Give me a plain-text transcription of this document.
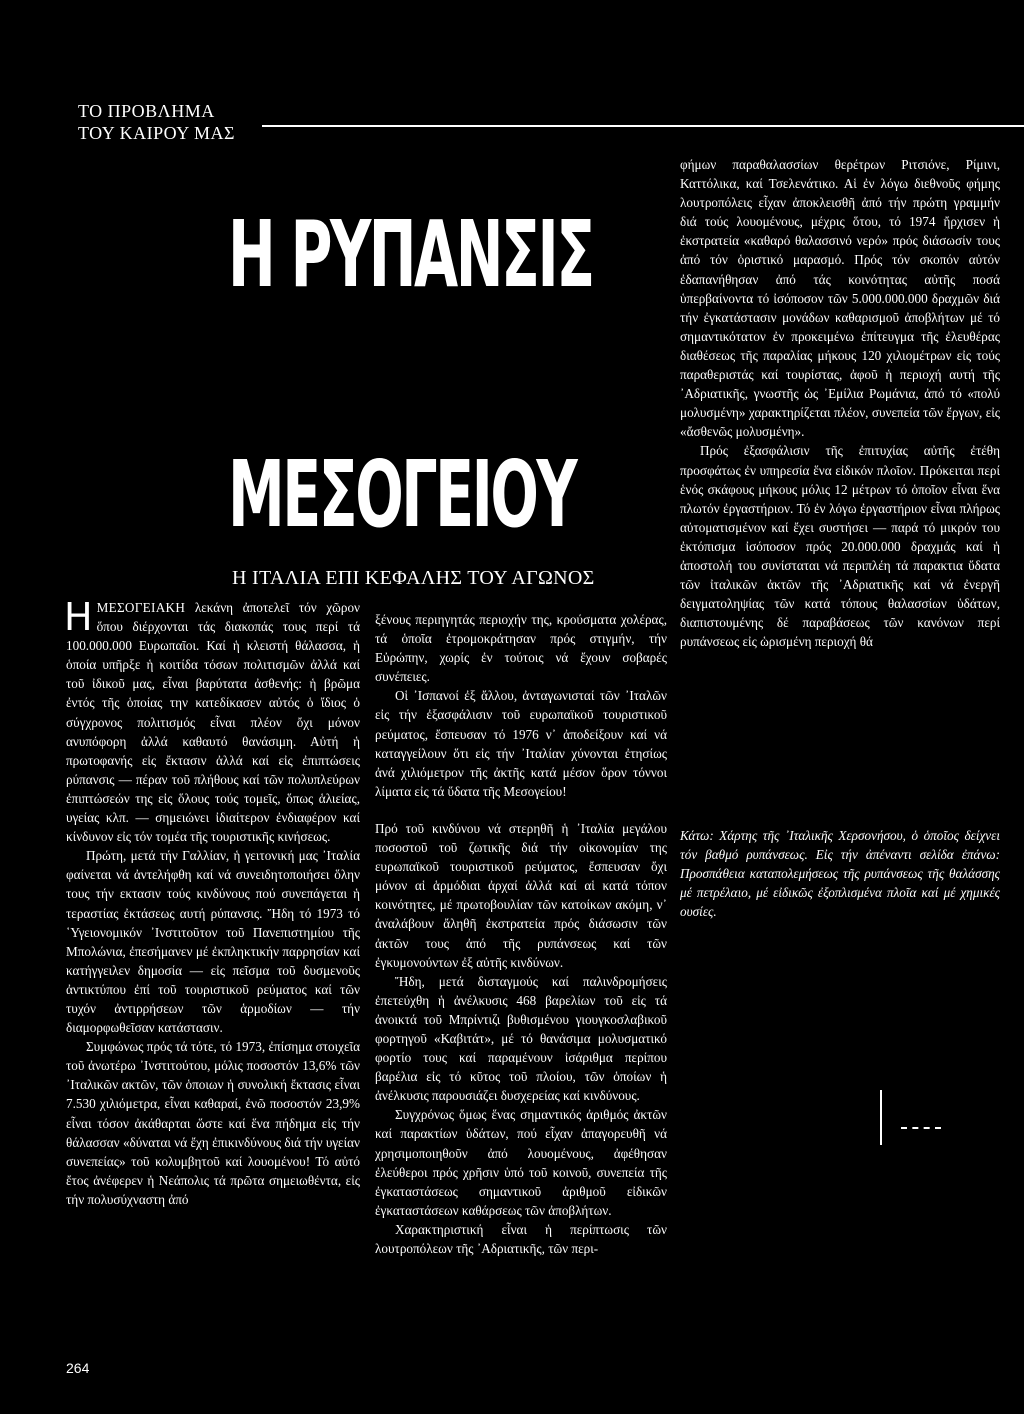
ΤΟ ΠΡΟΒΛΗΜΑ
ΤΟΥ ΚΑΙΡΟΥ ΜΑΣ
Η ΡΥΠΑΝΣΙΣ
ΜΕΣΟΓΕΙΟΥ
Η ΙΤΑΛΙΑ ΕΠΙ ΚΕΦΑΛΗΣ ΤΟΥ ΑΓΩΝΟΣ

ΗΜΕΣΟΓΕΙΑΚΗ λεκάνη ἀποτελεῖ τόν χῶρον ὅπου διέρχονται τάς διακοπάς τους περί τά 100.000.000 Ευρωπαῖοι. Καί ἡ κλειστή θάλασσα, ἡ ὁποία υπῆρξε ἡ κοιτίδα τόσων πολιτισμῶν ἀλλά καί τοῦ ἰδικοῦ μας, εἶναι βαρύτατα ἀσθενής: ἡ βρῶμα ἐντός τῆς ὁποίας την κατεδίκασεν αὐτός ὁ ἴδιος ὁ σύγχρονος πολιτισμός εἶναι πλέον ὄχι μόνον ανυπόφορη ἀλλά καθαυτό θανάσιμη. Αὐτή ἡ πρωτοφανής εἰς ἔκτασιν ἀλλά καί εἰς ἐπιπτώσεις ρύπανσις — πέραν τοῦ πλήθους καί τῶν πολυπλεύρων ἐπιπτώσεών της εἰς ὅλους τούς τομεῖς, ὅπως ἁλιείας, υγείας κλπ. — σημειώνει ἰδιαίτερον ἐνδιαφέρον καί κίνδυνον εἰς τόν τομέα τῆς τουριστικῆς κινήσεως.

Πρώτη, μετά τήν Γαλλίαν, ἡ γειτονική μας ᾿Ιταλία φαίνεται νά ἀντελήφθη καί νά συνειδητοποιήσει ὅλην τους τήν εκτασιν τούς κινδύνους πού συνεπάγεται ἡ τεραστίας ἐκτάσεως αυτή ρύπανσις. Ἤδη τό 1973 τό ῾Υγειονομικόν ᾿Ινστιτοῦτον τοῦ Πανεπιστημίου τῆς Μπολώνια, ἐπεσήμανεν μέ ἐκπληκτικήν παρρησίαν καί κατήγγειλεν δημοσία — εἰς πεῖσμα τοῦ δυσμενοῦς ἀντικτύπου ἐπί τοῦ τουριστικοῦ ρεύματος καί τῶν τυχόν ἀντιρρήσεων τῶν ἁρμοδίων — τήν διαμορφωθεῖσαν κατάστασιν.

Συμφώνως πρός τά τότε, τό 1973, ἐπίσημα στοιχεῖα τοῦ ἀνωτέρω ᾿Ινστιτούτου, μόλις ποσοστόν 13,6% τῶν ᾿Ιταλικῶν ακτῶν, τῶν ὁποιων ἡ συνολική ἔκτασις εἶναι 7.530 χιλιόμετρα, εἶναι καθαραί, ἐνῶ ποσοστόν 23,9% εἶναι τόσον ἀκάθαρται ὥστε καί ἕνα πήδημα εἰς τήν θάλασσαν «δύναται νά ἔχη ἐπικινδύνους διά τήν υγείαν συνεπείας» τοῦ κολυμβητοῦ καί λουομένου! Τό αὐτό ἔτος ἀνέφερεν ἡ Νεάπολις τά πρῶτα σημειωθέντα, εἰς τήν πολυσύχναστη ἀπό

ξένους περιηγητάς περιοχήν της, κρούσματα χολέρας, τά ὁποῖα ἐτρομοκράτησαν πρός στιγμήν, τήν Εὐρώπην, χωρίς ἐν τούτοις νά ἔχουν σοβαρές συνέπειες.

Οἱ ᾿Ισπανοί ἐξ ἄλλου, ἀνταγωνισταί τῶν ᾿Ιταλῶν εἰς τήν ἐξασφάλισιν τοῦ ευρωπαϊκοῦ τουριστικοῦ ρεύματος, ἔσπευσαν τό 1976 ν᾿ ἀποδείξουν καί νά καταγγείλουν ὅτι εἰς τήν ᾿Ιταλίαν χύνονται ἐτησίως ἀνά χιλιόμετρον τῆς ἀκτῆς κατά μέσον ὅρον τόννοι λίματα εἰς τά ὕδατα τῆς Μεσογείου!

Πρό τοῦ κινδύνου νά στερηθῆ ἡ ᾿Ιταλία μεγάλου ποσοστοῦ τοῦ ζωτικῆς διά τήν οἰκονομίαν της ευρωπαϊκοῦ τουριστικοῦ ρεύματος, ἔσπευσαν ὄχι μόνον αἱ ἁρμόδιαι ἀρχαί ἀλλά καί αἱ κατά τόπον κοινότητες, μέ πρωτοβουλίαν τῶν κατοίκων ακόμη, ν᾿ ἀναλάβουν ἄληθῆ ἐκστρατεία πρός διάσωσιν τῶν ἀκτῶν τους ἀπό τῆς ρυπάνσεως καί τῶν ἐγκυμονούντων ἐξ αὐτῆς κινδύνων.

Ἤδη, μετά δισταγμούς καί παλινδρομήσεις ἐπετεύχθη ἡ ἀνέλκυσις 468 βαρελίων τοῦ εἰς τά ἀνοικτά τοῦ Μπρίντιζι βυθισμένου γιουγκοσλαβικοῦ φορτηγοῦ «Καβιτάτ», μέ τό θανάσιμα μολυσματικό φορτίο τους καί παραμένουν ἰσάριθμα περίπου βαρέλια εἰς τό κῦτος τοῦ πλοίου, τῶν ὁποίων ἡ ἀνέλκυσις παρουσιάζει δυσχερείας καί κινδύνους.

Συγχρόνως ὅμως ἕνας σημαντικός ἀριθμός ἀκτῶν καί παρακτίων ὑδάτων, πού εἶχαν ἀπαγορευθῆ νά χρησιμοποιηθοῦν ἀπό λουομένους, ἀφέθησαν ἐλεύθεροι πρός χρῆσιν ὑπό τοῦ κοινοῦ, συνεπεία τῆς ἐγκαταστάσεως σημαντικοῦ ἀριθμοῦ εἰδικῶν ἐγκαταστάσεων καθάρσεως τῶν ἀποβλήτων.

Χαρακτηριστική εἶναι ἡ περίπτωσις τῶν λουτροπόλεων τῆς ᾿Αδριατικῆς, τῶν περι-

φήμων παραθαλασσίων θερέτρων Ριτσιόνε, Ρίμινι, Καττόλικα, καί Τσελενάτικο. Αἱ ἐν λόγω διεθνοῦς φήμης λουτροπόλεις εἶχαν ἀποκλεισθῆ ἀπό τήν πρώτη γραμμήν διά τούς λουομένους, μέχρις ὅτου, τό 1974 ἤρχισεν ἡ ἐκστρατεία «καθαρό θαλασσινό νερό» πρός διάσωσίν τους ἀπό τόν ὁριστικό μαρασμό. Πρός τόν σκοπόν αὐτόν ἐδαπανήθησαν ἀπό τάς κοινότητας αὐτῆς ποσά ὑπερβαίνοντα τό ἰσόποσον τῶν 5.000.000.000 δραχμῶν διά τήν ἐγκατάστασιν μονάδων καθαρισμοῦ ἀποβλήτων μέ τό σημαντικότατον ἐν προκειμένω ἐπίτευγμα τῆς ἐλευθέρας διαθέσεως τῆς παραλίας μήκους 120 χιλιομέτρων εἰς τούς παραθεριστάς καί τουρίστας, ἀφοῦ ἡ περιοχή αυτή τῆς ᾿Αδριατικῆς, γνωστῆς ὡς ᾿Εμίλια Ρωμάνια, ἀπό τό «πολύ μολυσμένη» χαρακτηρίζεται πλέον, συνεπεία τῶν ἔργων, εἰς «ἄσθενῶς μολυσμένη».

Πρός ἐξασφάλισιν τῆς ἐπιτυχίας αὐτῆς ἐτέθη προσφάτως ἐν υπηρεσία ἕνα εἰδικόν πλοῖον. Πρόκειται περί ἑνός σκάφους μήκους μόλις 12 μέτρων τό ὁποῖον εἶναι ἕνα πλωτόν ἐργαστήριον. Τό ἐν λόγω ἐργαστήριον εἶναι πλήρως αὐτοματισμένον καί ἔχει συστήσει — παρά τό μικρόν του ἐκτόπισμα ἰσόποσον πρός 20.000.000 δραχμάς καί ἡ ἀποστολή του συνίσταται νά περιπλέη τά παρακτια ὕδατα τῶν ἰταλικῶν ἀκτῶν τῆς ᾿Αδριατικῆς καί νά ἐνεργῆ δειγματοληψίας τῶν κατά τόπους θαλασσίων ὑδάτων, διαπιστουμένης δέ παραβάσεως τῶν κανόνων περί ρυπάνσεως εἰς ὡρισμένη περιοχή θά

Κάτω: Χάρτης τῆς ᾿Ιταλικῆς Χερσονήσου, ὁ ὁποῖος δείχνει τόν βαθμό ρυπάνσεως. Εἰς τήν ἀπέναντι σελίδα ἐπάνω: Προσπάθεια καταπολεμήσεως τῆς ρυπάνσεως τῆς θαλάσσης μέ πετρέλαιο, μέ εἰδικῶς ἐξοπλισμένα πλοῖα καί μέ χημικές ουσίες.
264
